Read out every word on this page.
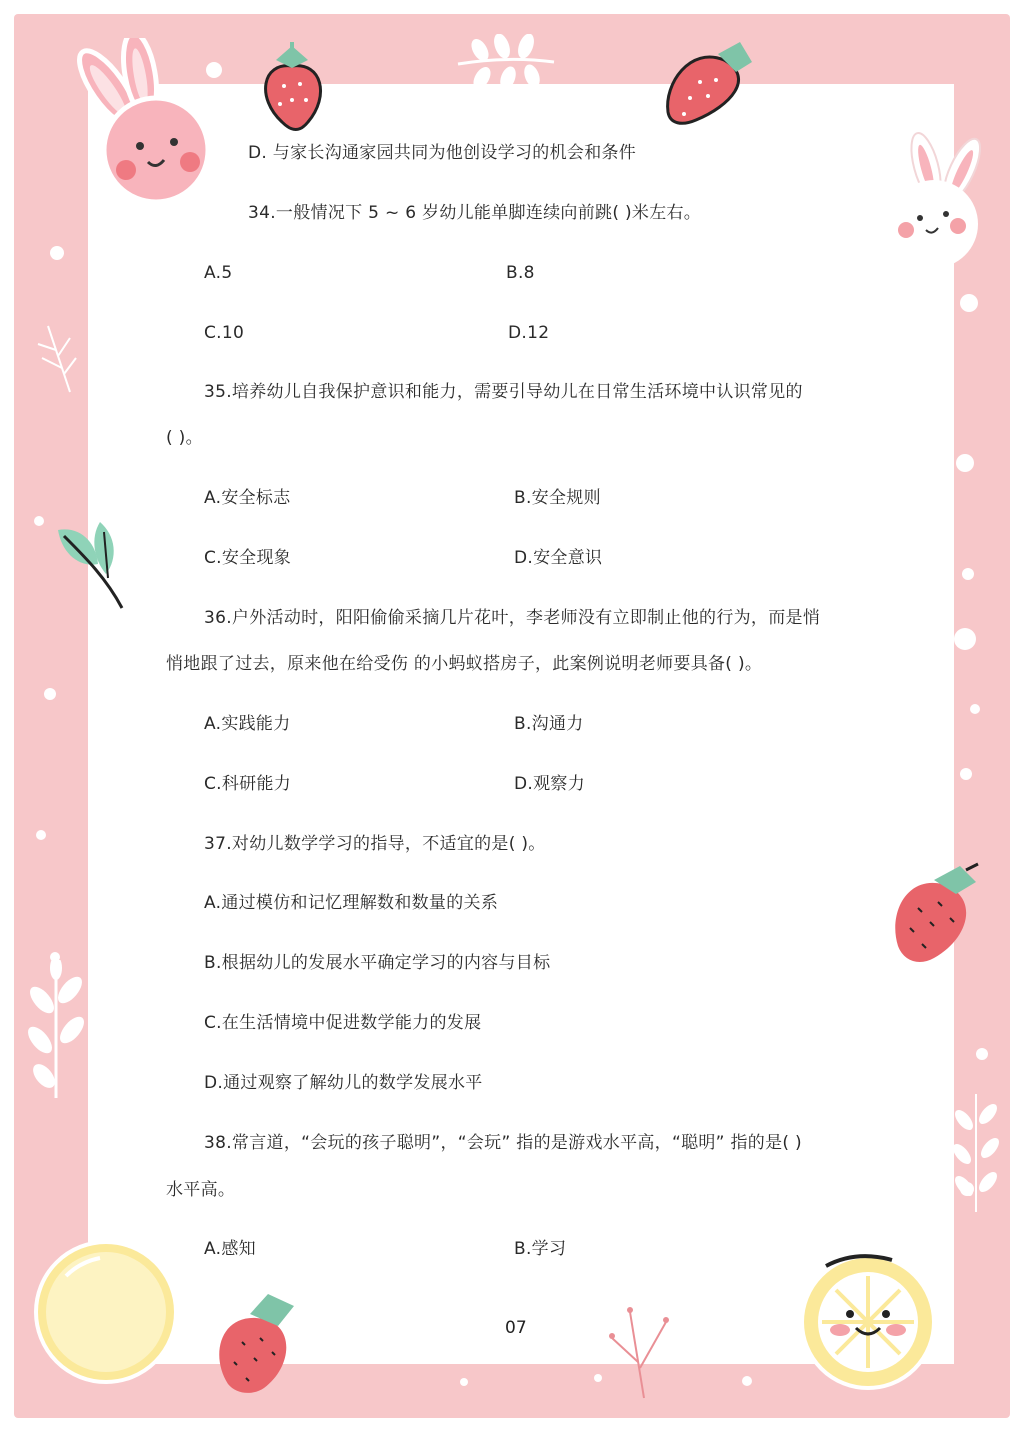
D. 与家长沟通家园共同为他创设学习的机会和条件
34.一般情况下 5 ~ 6 岁幼儿能单脚连续向前跳( )米左右。
A.5	B.8
C.10	D.12
35.培养幼儿自我保护意识和能力，需要引导幼儿在日常生活环境中认识常见的
( )。
A.安全标志	B.安全规则
C.安全现象	D.安全意识
36.户外活动时，阳阳偷偷采摘几片花叶，李老师没有立即制止他的行为，而是悄
悄地跟了过去，原来他在给受伤 的小蚂蚁搭房子，此案例说明老师要具备( )。
A.实践能力	B.沟通力
C.科研能力	D.观察力
37.对幼儿数学学习的指导，不适宜的是( )。
A.通过模仿和记忆理解数和数量的关系
B.根据幼儿的发展水平确定学习的内容与目标
C.在生活情境中促进数学能力的发展
D.通过观察了解幼儿的数学发展水平
38.常言道，“会玩的孩子聪明”，“会玩” 指的是游戏水平高，“聪明” 指的是( )
水平高。
A.感知	B.学习
07
